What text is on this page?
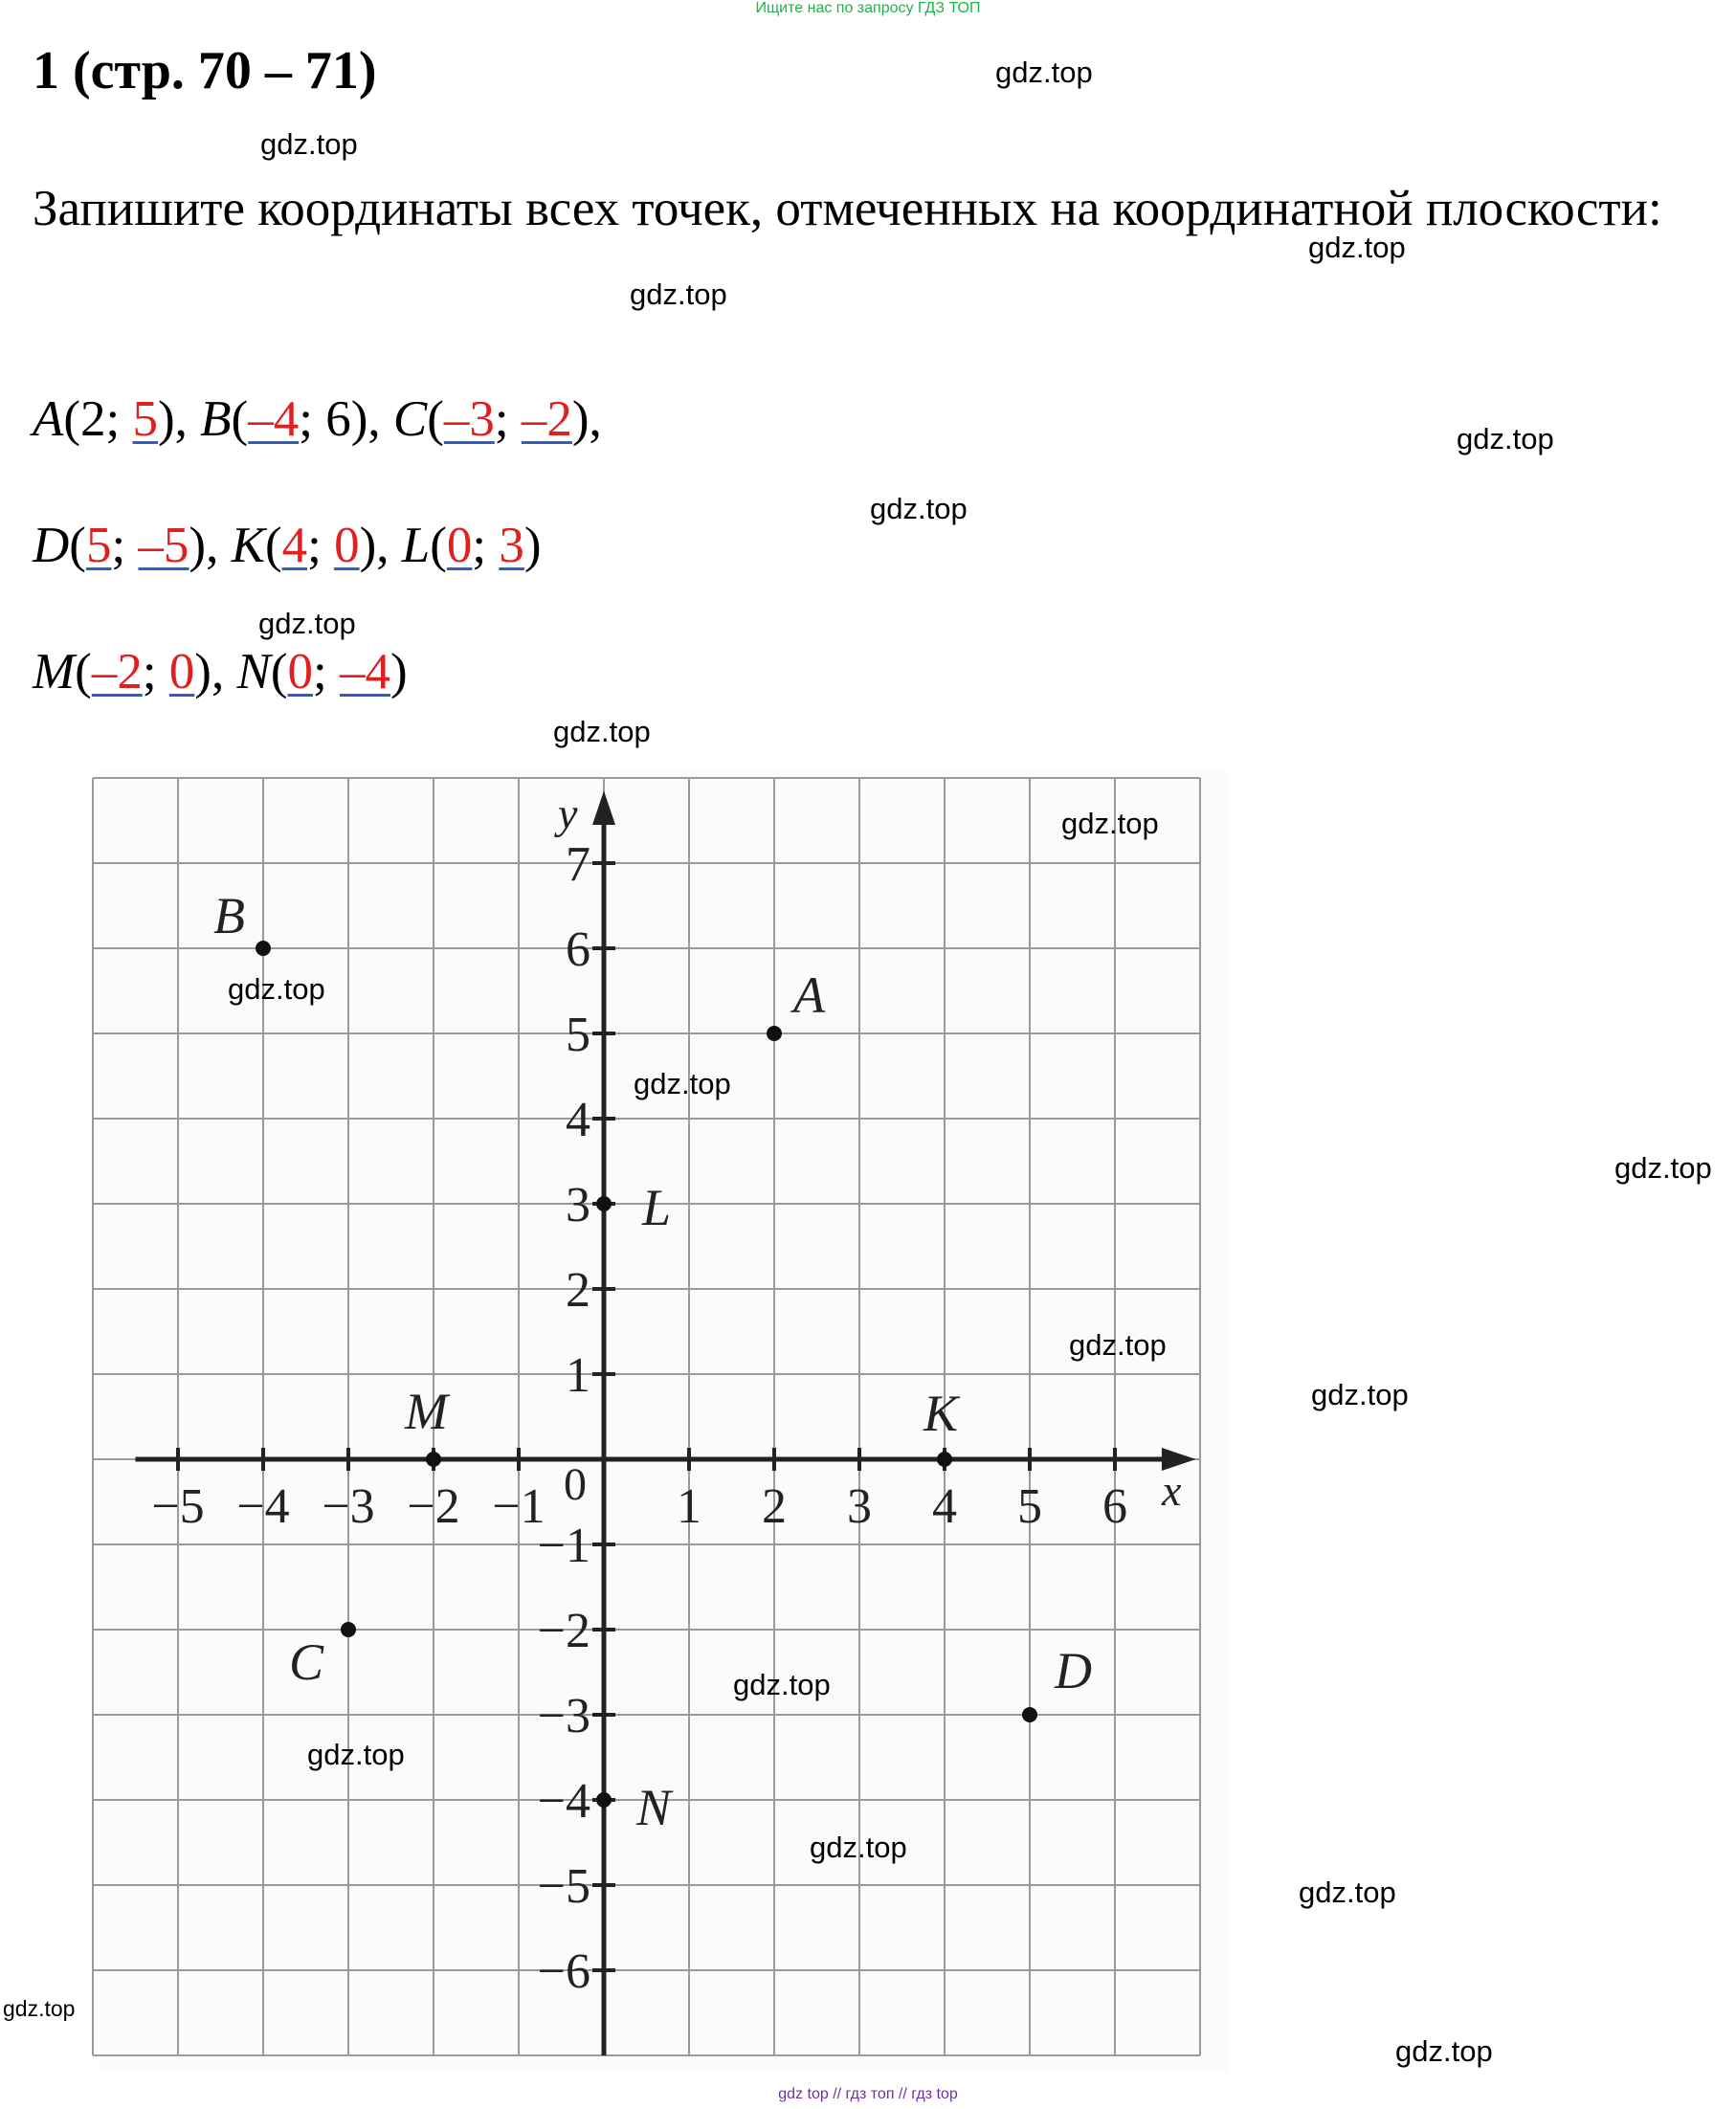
Ищите нас по запросу ГДЗ ТОП
1 (стр. 70 – 71)

Запишите координаты всех точек, отмеченных на координатной плоскости:

A(2; 5), B(–4; 6), C(–3; –2),
D(5; –5), K(4; 0), L(0; 3)
M(–2; 0), N(0; –4)
x
y
0
−5 −4 −3 −2 −1	1 2 3 4 5 6
−6
−5
−4
−3
−2
−1
1
2
3
4
5
6
7
B
A
L
M	K
C	D
N
gdz.top
gdz.top
gdz.top
gdz.top
gdz.top
gdz.top
gdz.top
gdz.top
gdz.top
gdz.top
gdz.top
gdz.top
gdz.top
gdz.top
gdz.top
gdz.top
gdz.top
gdz.top
gdz.top
gdz.top
gdz top // гдз топ // гдз top
